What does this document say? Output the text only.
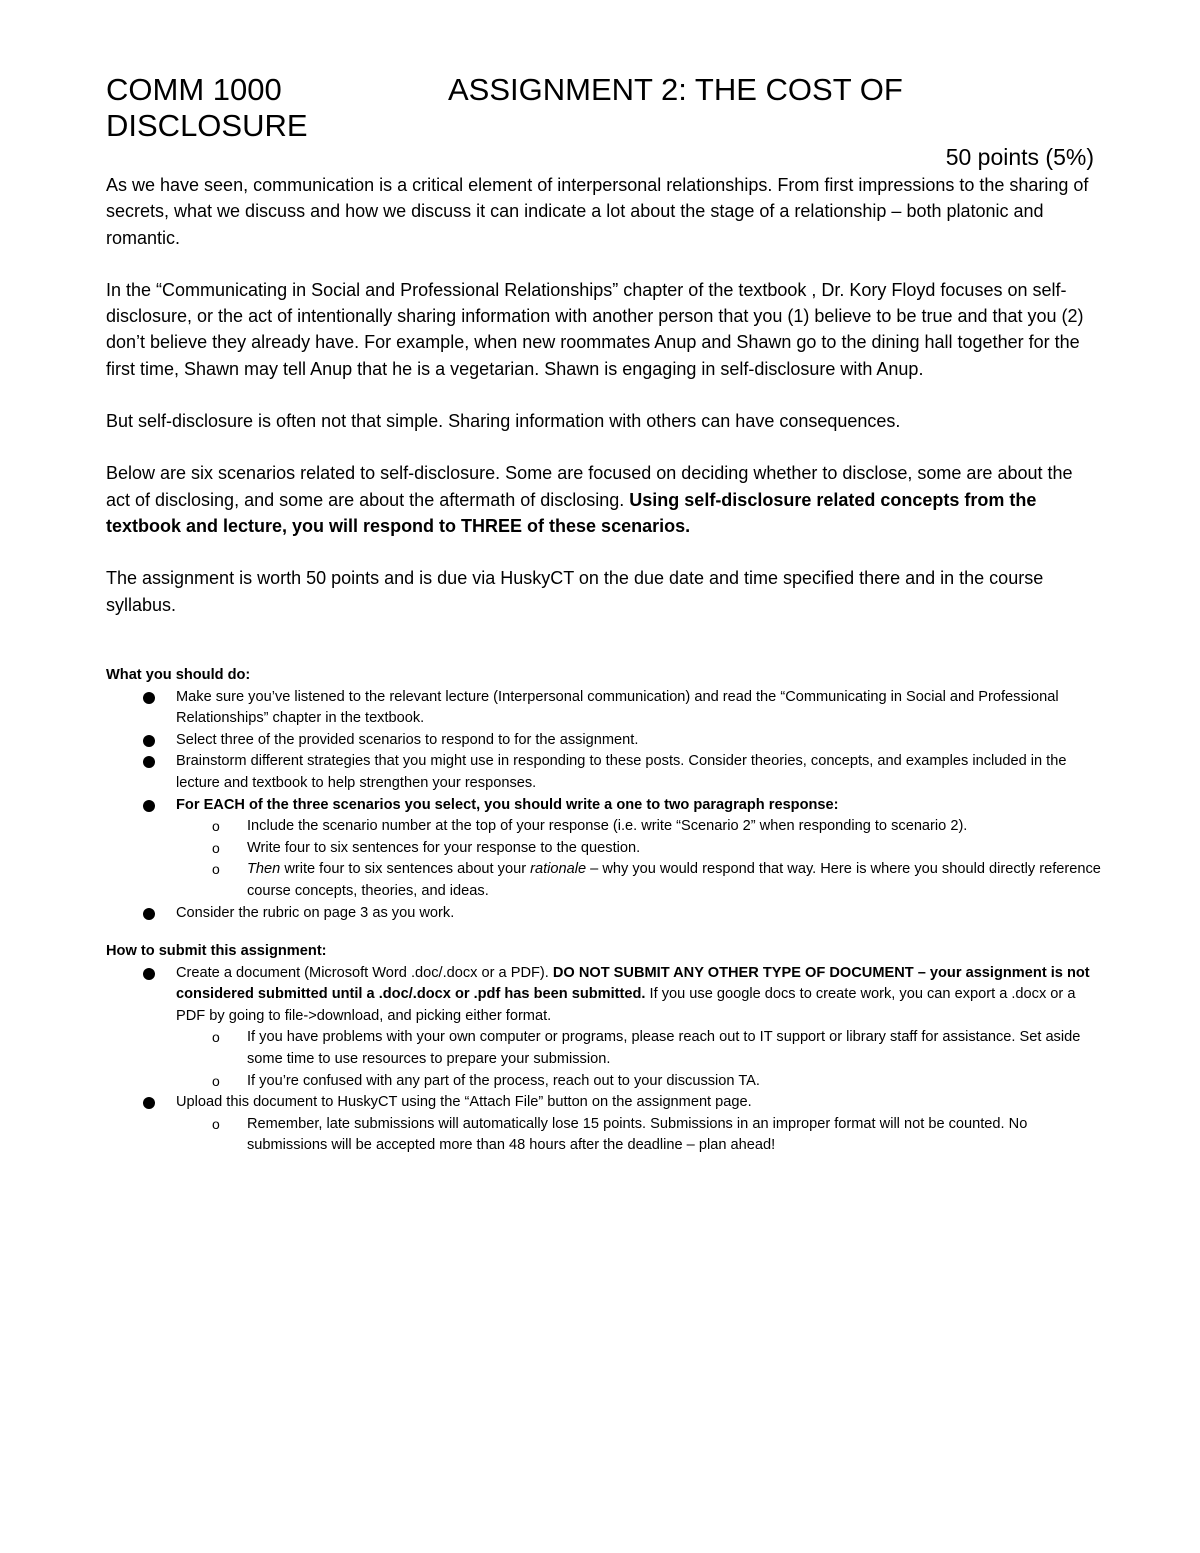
COMM 1000	ASSIGNMENT 2: THE COST OF
DISCLOSURE
50 points (5%)

As we have seen, communication is a critical element of interpersonal relationships. From first impressions to the sharing of secrets, what we discuss and how we discuss it can indicate a lot about the stage of a relationship – both platonic and romantic.

In the “Communicating in Social and Professional Relationships” chapter of the textbook , Dr. Kory Floyd focuses on self-disclosure, or the act of intentionally sharing information with another person that you (1) believe to be true and that you (2) don’t believe they already have. For example, when new roommates Anup and Shawn go to the dining hall together for the first time, Shawn may tell Anup that he is a vegetarian. Shawn is engaging in self-disclosure with Anup.

But self-disclosure is often not that simple. Sharing information with others can have consequences.

Below are six scenarios related to self-disclosure. Some are focused on deciding whether to disclose, some are about the act of disclosing, and some are about the aftermath of disclosing. Using self-disclosure related concepts from the textbook and lecture, you will respond to THREE of these scenarios.

The assignment is worth 50 points and is due via HuskyCT on the due date and time specified there and in the course syllabus.

What you should do:
Make sure you’ve listened to the relevant lecture (Interpersonal communication) and read the “Communicating in Social and Professional Relationships” chapter in the textbook.
Select three of the provided scenarios to respond to for the assignment.
Brainstorm different strategies that you might use in responding to these posts. Consider theories, concepts, and examples included in the lecture and textbook to help strengthen your responses.
For EACH of the three scenarios you select, you should write a one to two paragraph response:
o Include the scenario number at the top of your response (i.e. write “Scenario 2” when responding to scenario 2).
o Write four to six sentences for your response to the question.
o Then write four to six sentences about your rationale – why you would respond that way. Here is where you should directly reference course concepts, theories, and ideas.
Consider the rubric on page 3 as you work.
How to submit this assignment:
Create a document (Microsoft Word .doc/.docx or a PDF). DO NOT SUBMIT ANY OTHER TYPE OF DOCUMENT – your assignment is not considered submitted until a .doc/.docx or .pdf has been submitted. If you use google docs to create work, you can export a .docx or a PDF by going to file->download, and picking either format.
o If you have problems with your own computer or programs, please reach out to IT support or library staff for assistance. Set aside some time to use resources to prepare your submission.
o If you’re confused with any part of the process, reach out to your discussion TA.
Upload this document to HuskyCT using the “Attach File” button on the assignment page.
o Remember, late submissions will automatically lose 15 points. Submissions in an improper format will not be counted. No submissions will be accepted more than 48 hours after the deadline – plan ahead!
